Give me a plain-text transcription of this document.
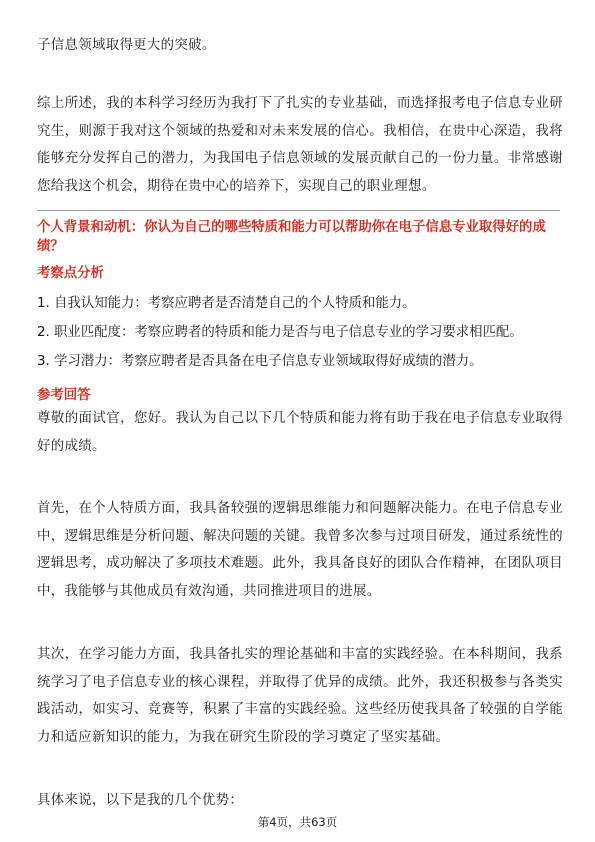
子信息领域取得更大的突破。

综上所述，我的本科学习经历为我打下了扎实的专业基础，而选择报考电子信息专业研究生，则源于我对这个领域的热爱和对未来发展的信心。我相信，在贵中心深造，我将能够充分发挥自己的潜力，为我国电子信息领域的发展贡献自己的一份力量。非常感谢您给我这个机会，期待在贵中心的培养下，实现自己的职业理想。

个人背景和动机：你认为自己的哪些特质和能力可以帮助你在电子信息专业取得好的成绩？

考察点分析

1. 自我认知能力：考察应聘者是否清楚自己的个人特质和能力。

2. 职业匹配度：考察应聘者的特质和能力是否与电子信息专业的学习要求相匹配。

3. 学习潜力：考察应聘者是否具备在电子信息专业领域取得好成绩的潜力。

参考回答

尊敬的面试官，您好。我认为自己以下几个特质和能力将有助于我在电子信息专业取得好的成绩。

首先，在个人特质方面，我具备较强的逻辑思维能力和问题解决能力。在电子信息专业中，逻辑思维是分析问题、解决问题的关键。我曾多次参与过项目研发，通过系统性的逻辑思考，成功解决了多项技术难题。此外，我具备良好的团队合作精神，在团队项目中，我能够与其他成员有效沟通，共同推进项目的进展。

其次，在学习能力方面，我具备扎实的理论基础和丰富的实践经验。在本科期间，我系统学习了电子信息专业的核心课程，并取得了优异的成绩。此外，我还积极参与各类实践活动，如实习、竞赛等，积累了丰富的实践经验。这些经历使我具备了较强的自学能力和适应新知识的能力，为我在研究生阶段的学习奠定了坚实基础。

具体来说，以下是我的几个优势：

第4页，共63页
